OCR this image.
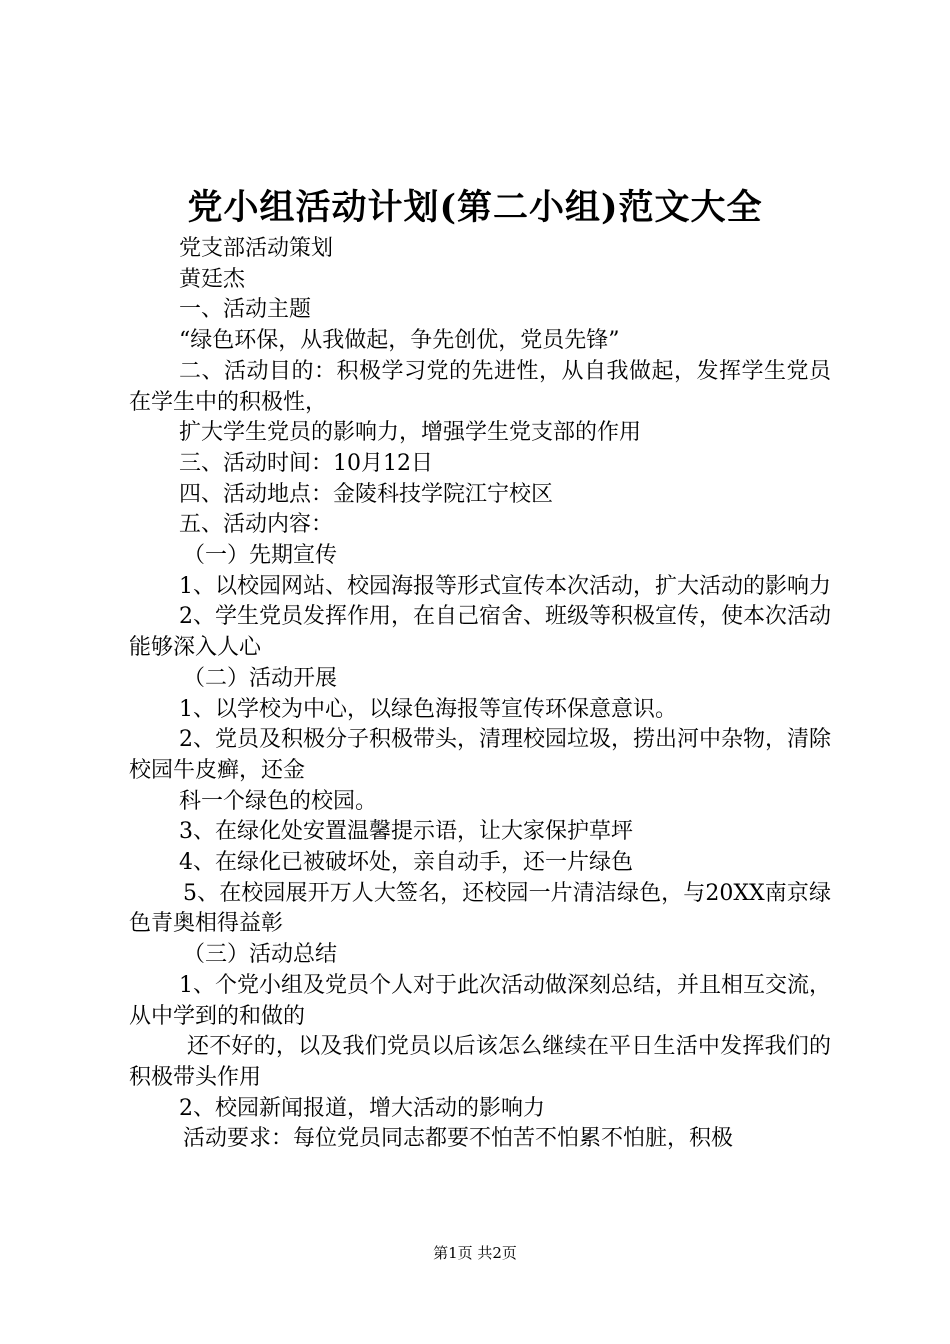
党小组活动计划(第二小组)范文大全

党支部活动策划

黄廷杰

一、活动主题

“绿色环保，从我做起，争先创优，党员先锋”

二、活动目的：积极学习党的先进性，从自我做起，发挥学生党员在学生中的积极性，

扩大学生党员的影响力，增强学生党支部的作用

三、活动时间：10月12日

四、活动地点：金陵科技学院江宁校区

五、活动内容：

（一）先期宣传

1、以校园网站、校园海报等形式宣传本次活动，扩大活动的影响力

2、学生党员发挥作用，在自己宿舍、班级等积极宣传，使本次活动能够深入人心

（二）活动开展

1、以学校为中心，以绿色海报等宣传环保意意识。

2、党员及积极分子积极带头，清理校园垃圾，捞出河中杂物，清除校园牛皮癣，还金

科一个绿色的校园。

3、在绿化处安置温馨提示语，让大家保护草坪

4、在绿化已被破坏处，亲自动手，还一片绿色

5、在校园展开万人大签名，还校园一片清洁绿色，与20XX南京绿色青奥相得益彰

（三）活动总结

1、个党小组及党员个人对于此次活动做深刻总结，并且相互交流，从中学到的和做的

还不好的，以及我们党员以后该怎么继续在平日生活中发挥我们的积极带头作用

2、校园新闻报道，增大活动的影响力

活动要求：每位党员同志都要不怕苦不怕累不怕脏，积极

第1页 共2页
